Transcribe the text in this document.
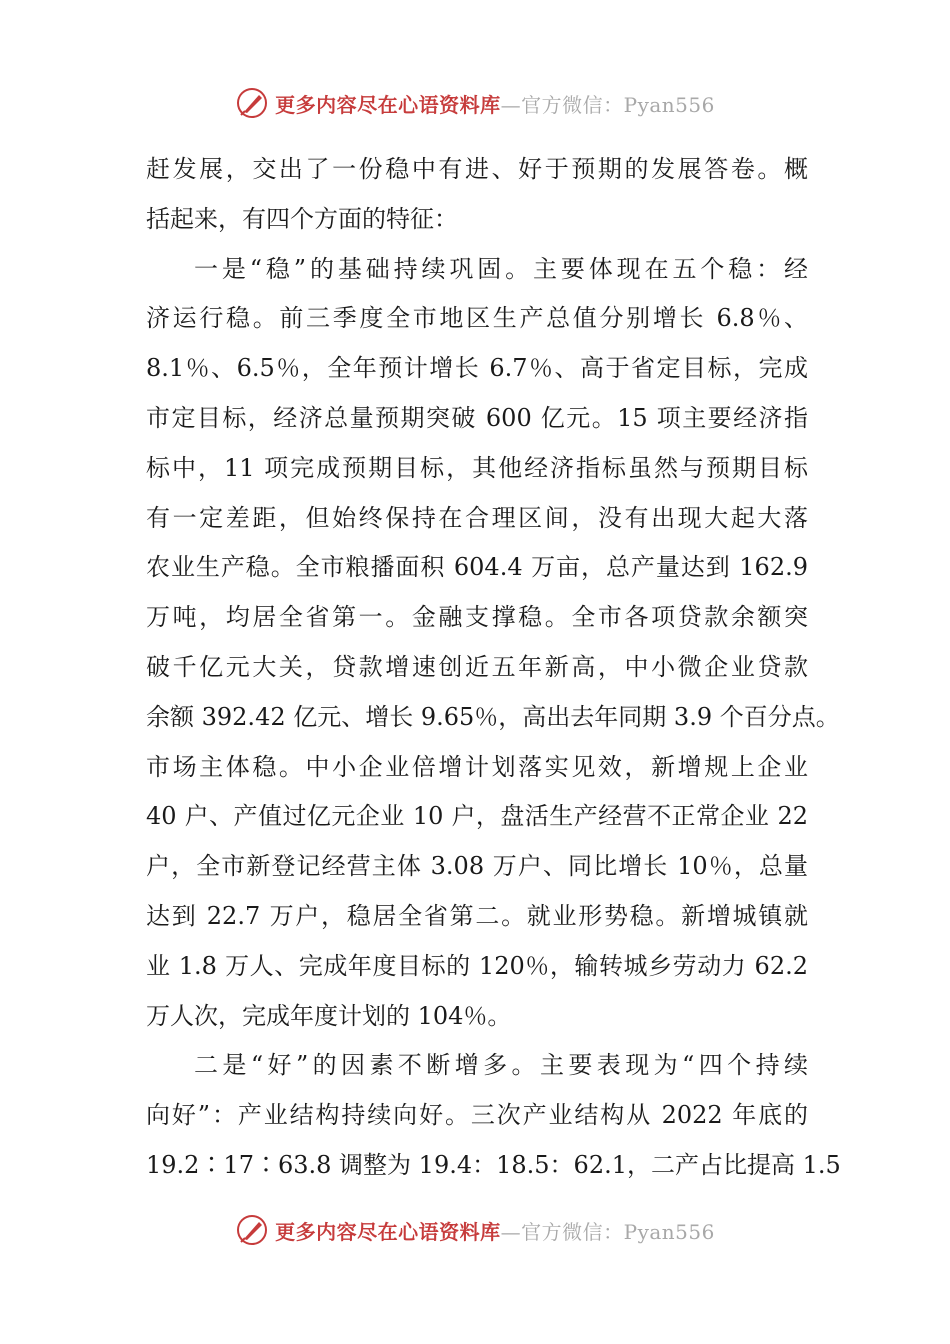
更多内容尽在心语资料库—官方微信：Pyan556
赶发展，交出了一份稳中有进、好于预期的发展答卷。概
括起来，有四个方面的特征：
一是“稳”的基础持续巩固。主要体现在五个稳：经
济运行稳。前三季度全市地区生产总值分别增长 6.8％、
8.1％、6.5％，全年预计增长 6.7％、高于省定目标，完成
市定目标，经济总量预期突破 600 亿元。15 项主要经济指
标中，11 项完成预期目标，其他经济指标虽然与预期目标
有一定差距，但始终保持在合理区间，没有出现大起大落
农业生产稳。全市粮播面积 604.4 万亩，总产量达到 162.9
万吨，均居全省第一。金融支撑稳。全市各项贷款余额突
破千亿元大关，贷款增速创近五年新高，中小微企业贷款
余额 392.42 亿元、增长 9.65％，高出去年同期 3.9 个百分点。
市场主体稳。中小企业倍增计划落实见效，新增规上企业
40 户、产值过亿元企业 10 户，盘活生产经营不正常企业 22
户，全市新登记经营主体 3.08 万户、同比增长 10％，总量
达到 22.7 万户，稳居全省第二。就业形势稳。新增城镇就
业 1.8 万人、完成年度目标的 120％，输转城乡劳动力 62.2
万人次，完成年度计划的 104％。
二是“好”的因素不断增多。主要表现为“四个持续
向好”：产业结构持续向好。三次产业结构从 2022 年底的
19.2∶17∶63.8 调整为 19.4：18.5：62.1，二产占比提高 1.5
更多内容尽在心语资料库—官方微信：Pyan556
